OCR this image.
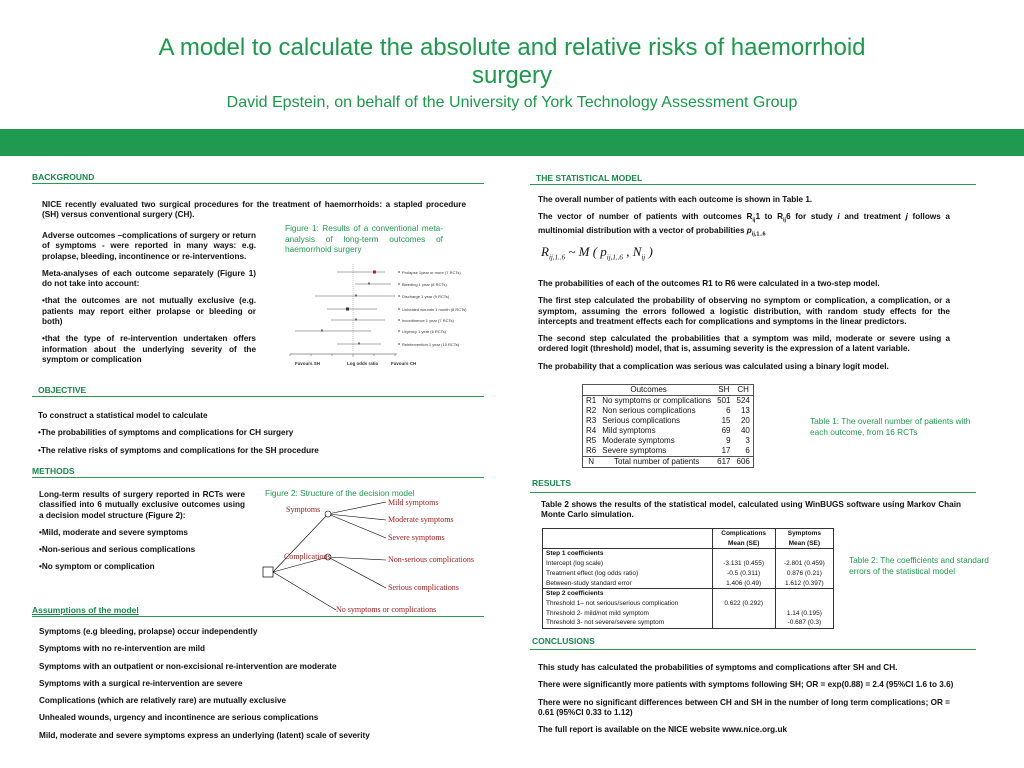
A model to calculate the absolute and relative risks of haemorrhoid surgery
David Epstein, on behalf of the University of York Technology Assessment Group
BACKGROUND
NICE recently evaluated two surgical procedures for the treatment of haemorrhoids: a stapled procedure (SH) versus conventional surgery (CH).
Adverse outcomes –complications of surgery or return of symptoms - were reported in many ways: e.g. prolapse, bleeding, incontinence or re-interventions.
Meta-analyses of each outcome separately (Figure 1) do not take into account:
•that the outcomes are not mutually exclusive (e.g. patients may report either prolapse or bleeding or both)
•that the type of re-intervention undertaken offers information about the underlying severity of the symptom or complication
Figure 1: Results of a conventional meta-analysis of long-term outcomes of haemorrhoid surgery
Prolapse 1year or more (7 RCTs)
Bleeding 1 year (8 RCTs)
Discharge 1 year (9 RCTs)
Unhealed wounds 1 month (8 RCTs)
Incontinence 1 year (7 RCTs)
Urgency 1 year (6 RCTs)
Reintervention 1 year (10 RCTs)
Favours SH	Log odds ratio	Favours CH
OBJECTIVE
To construct a statistical model to calculate
•The probabilities of symptoms and complications for CH surgery
•The relative risks of symptoms and complications for the SH procedure
METHODS
Long-term results of surgery reported in RCTs were classified into 6 mutually exclusive outcomes using a decision model structure (Figure 2):
•Mild, moderate and severe symptoms
•Non-serious and serious complications
•No symptom or complication
Figure 2: Structure of the decision model
Symptoms
Complications
Mild symptoms
Moderate symptoms
Severe symptoms
Non-serious complications
Serious complications
No symptoms or complications
Assumptions of the model
Symptoms (e.g bleeding, prolapse) occur independently
Symptoms with no re-intervention are mild
Symptoms with an outpatient or non-excisional re-intervention are moderate
Symptoms with a surgical re-intervention are severe
Complications (which are relatively rare) are mutually exclusive
Unhealed wounds, urgency and incontinence are serious complications
Mild, moderate and severe symptoms express an underlying (latent) scale of severity
THE STATISTICAL MODEL
The overall number of patients with each outcome is shown in Table 1.
The vector of number of patients with outcomes $R_{ij}1$ to $R_{ij}6$ for study i and treatment j follows a multinomial distribution with a vector of probabilities $p_{ij,1..6}$
$R_{ij,1..6}$ ~ M ( $p_{ij,1..6}$ , $N_{ij}$ )
The probabilities of each of the outcomes R1 to R6 were calculated in a two-step model.
The first step calculated the probability of observing no symptom or complication, a complication, or a symptom, assuming the errors followed a logistic distribution, with random study effects for the intercepts and treatment effects each for complications and symptoms in the linear predictors.
The second step calculated the probabilities that a symptom was mild, moderate or severe using a ordered logit (threshold) model, that is, assuming severity is the expression of a latent variable.
The probability that a complication was serious was calculated using a binary logit model.
Outcomes		SH	CH
R1	No symptoms or complications	501	524
R2	Non serious complications	6	13
R3	Serious complications	15	20
R4	Mild symptoms	69	40
R5	Moderate symptoms	9	3
R6	Severe symptoms	17	6
N	Total number of patients	617	606
Table 1: The overall number of patients with each outcome, from 16 RCTs
RESULTS
Table 2 shows the results of the statistical model, calculated using WinBUGS software using Markov Chain Monte Carlo simulation.
	Complications	Symptoms
	Mean (SE)	Mean (SE)
Step 1 coefficients		
Intercept (log scale)	-3.131 (0.455)	-2.801 (0.459)
Treatment effect (log odds ratio)	-0.5 (0.311)	0.876 (0.21)
Between-study standard error	1.406 (0.49)	1.612 (0.397)
Step 2 coefficients		
Threshold 1– not serious/serious complication	0.622 (0.292)	
Threshold 2- mild/not mild symptom		1.14 (0.195)
Threshold 3- not severe/severe symptom		-0.687 (0.3)
Table 2: The coefficients and standard errors of the statistical model
CONCLUSIONS
This study has calculated the probabilities of symptoms and complications after SH and CH.
There were significantly more patients with symptoms following SH; OR = exp(0.88) = 2.4 (95%CI 1.6 to 3.6)
There were no significant differences between CH and SH in the number of long term complications; OR = 0.61 (95%CI 0.33 to 1.12)
The full report is available on the NICE website www.nice.org.uk
